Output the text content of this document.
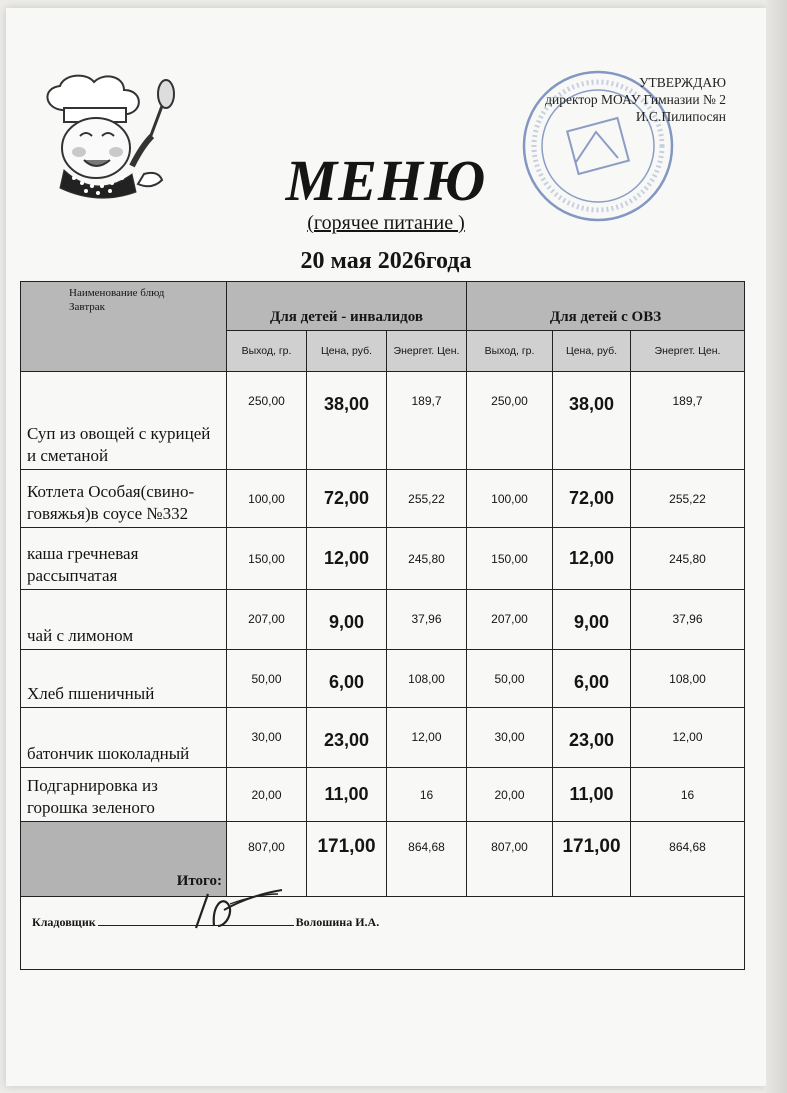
УТВЕРЖДАЮ
директор МОАУ Гимназии № 2
И.С.Пилипосян
МЕНЮ
(горячее питание )
20 мая 2026года
Наименование блюд
Завтрак	Для детей - инвалидов			Для детей с ОВЗ		
	Выход, гр.	Цена, руб.	Энергет. Цен.	Выход, гр.	Цена, руб.	Энергет. Цен.
Суп из овощей с курицей и сметаной	250,00	38,00	189,7	250,00	38,00	189,7
Котлета Особая(свино-говяжья)в соусе №332	100,00	72,00	255,22	100,00	72,00	255,22
каша гречневая рассыпчатая	150,00	12,00	245,80	150,00	12,00	245,80
чай с лимоном	207,00	9,00	37,96	207,00	9,00	37,96
Хлеб пшеничный	50,00	6,00	108,00	50,00	6,00	108,00
батончик шоколадный	30,00	23,00	12,00	30,00	23,00	12,00
Подгарнировка из горошка зеленого	20,00	11,00	16	20,00	11,00	16
Итого:	807,00	171,00	864,68	807,00	171,00	864,68

Кладовщик	Волошина И.А.
